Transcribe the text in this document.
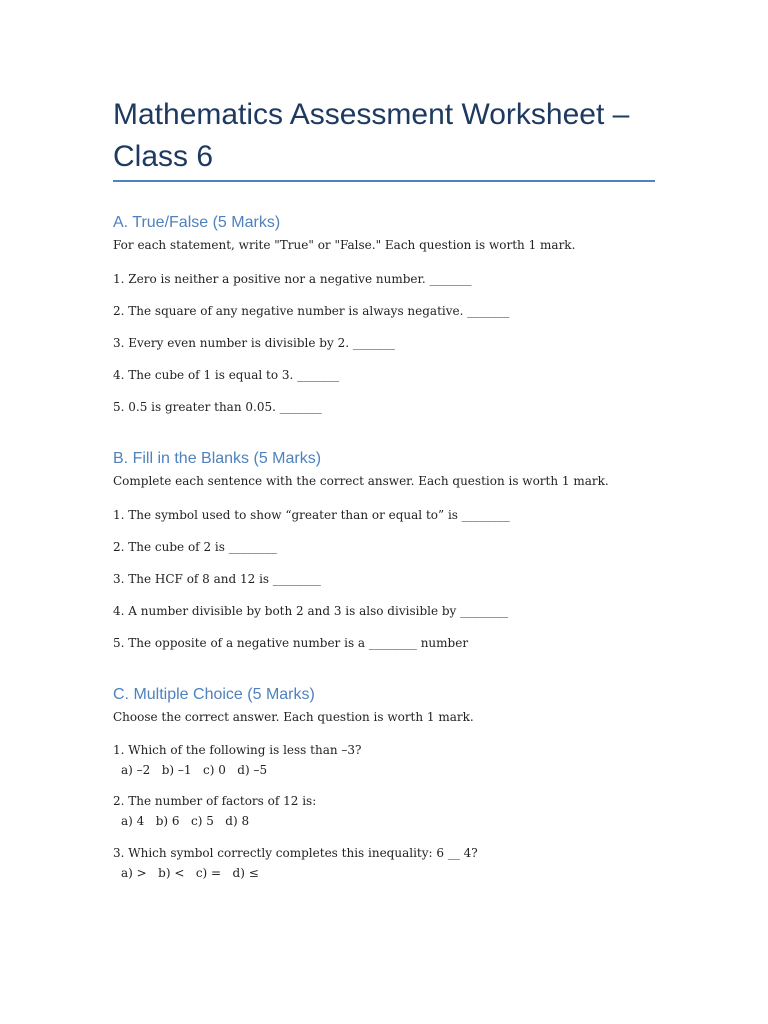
Mathematics Assessment Worksheet – Class 6
A. True/False (5 Marks)

For each statement, write "True" or "False." Each question is worth 1 mark.

1. Zero is neither a positive nor a negative number. _______

2. The square of any negative number is always negative. _______

3. Every even number is divisible by 2. _______

4. The cube of 1 is equal to 3. _______

5. 0.5 is greater than 0.05. _______

B. Fill in the Blanks (5 Marks)

Complete each sentence with the correct answer. Each question is worth 1 mark.

1. The symbol used to show “greater than or equal to” is ________

2. The cube of 2 is ________

3. The HCF of 8 and 12 is ________

4. A number divisible by both 2 and 3 is also divisible by ________

5. The opposite of a negative number is a ________ number

C. Multiple Choice (5 Marks)

Choose the correct answer. Each question is worth 1 mark.

1. Which of the following is less than –3?
a) –2   b) –1   c) 0   d) –5
2. The number of factors of 12 is:
a) 4   b) 6   c) 5   d) 8
3. Which symbol correctly completes this inequality: 6 __ 4?
a) >   b) <   c) =   d) ≤
